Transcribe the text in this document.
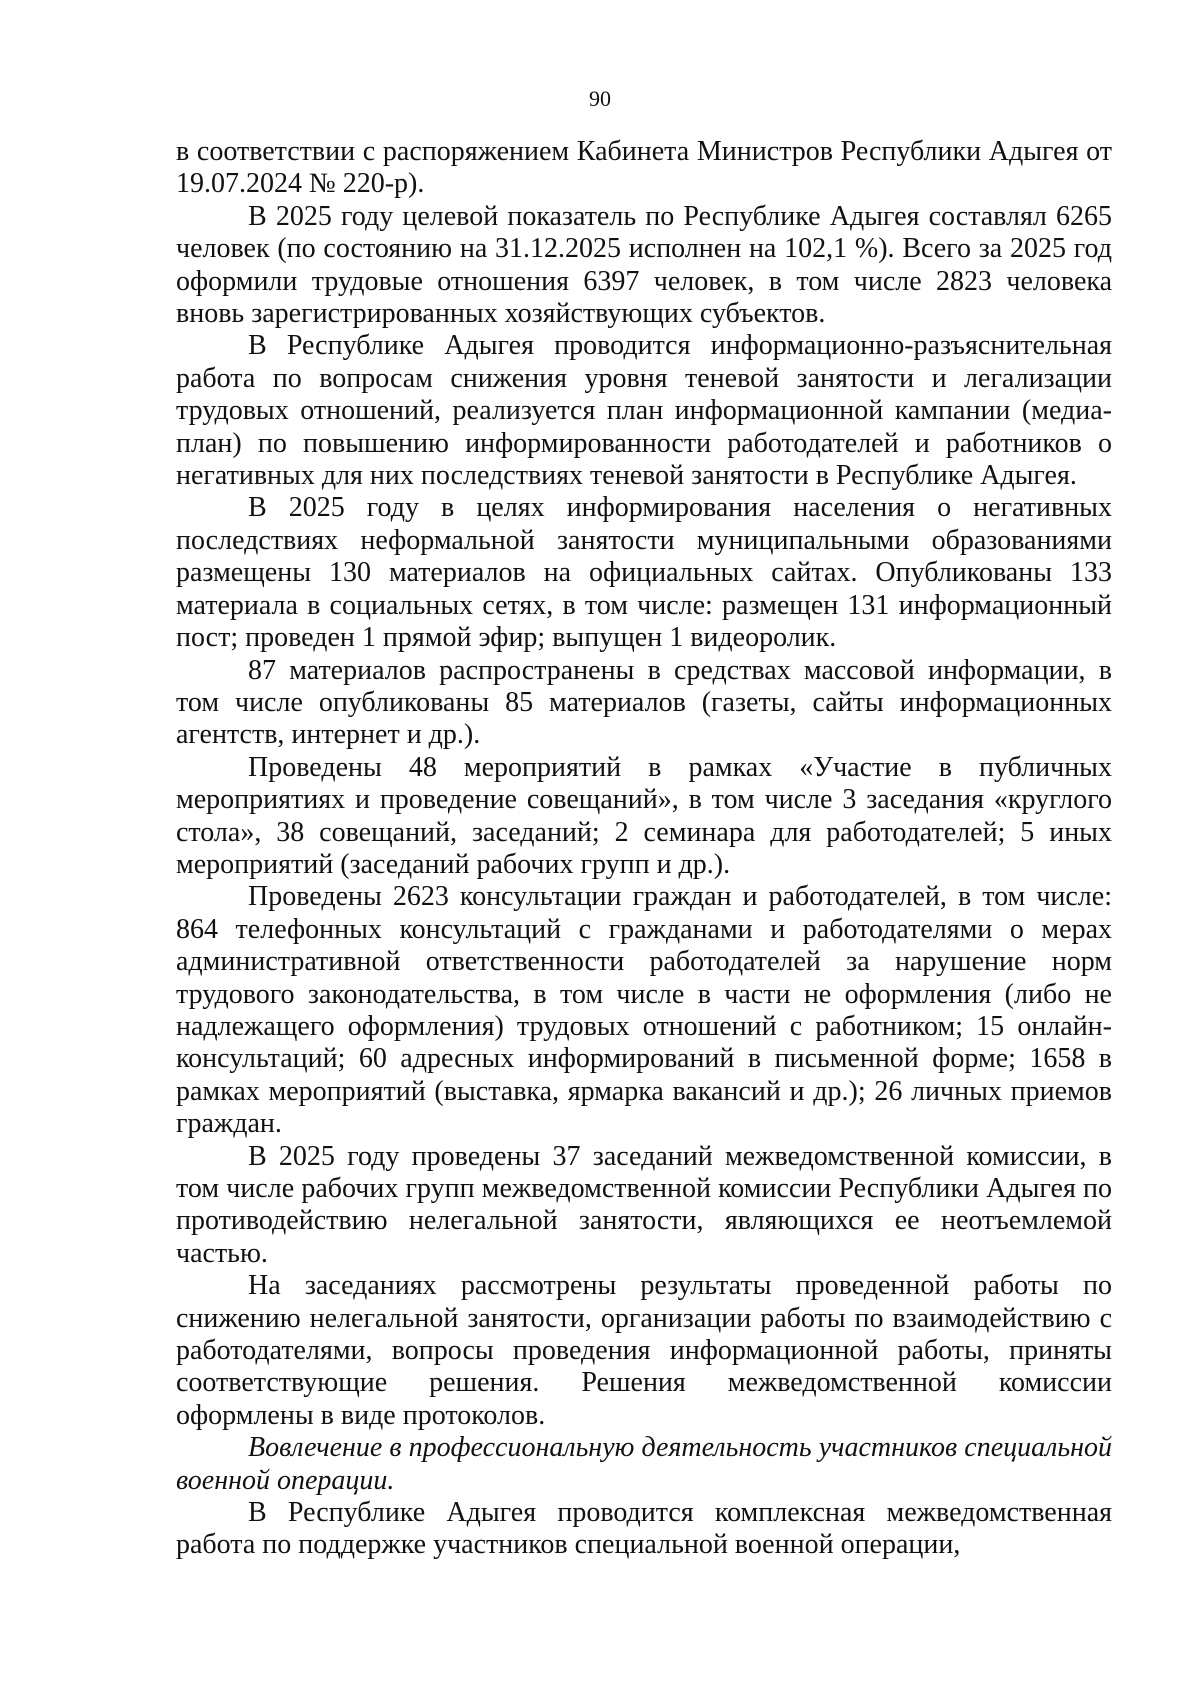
90

в соответствии с распоряжением Кабинета Министров Республики Адыгея от 19.07.2024 № 220-р).

В 2025 году целевой показатель по Республике Адыгея составлял 6265 человек (по состоянию на 31.12.2025 исполнен на 102,1 %). Всего за 2025 год оформили трудовые отношения 6397 человек, в том числе 2823 человека вновь зарегистрированных хозяйствующих субъектов.

В Республике Адыгея проводится информационно-разъяснительная работа по вопросам снижения уровня теневой занятости и легализации трудовых отношений, реализуется план информационной кампании (медиа-план) по повышению информированности работодателей и работников о негативных для них последствиях теневой занятости в Республике Адыгея.

В 2025 году в целях информирования населения о негативных последствиях неформальной занятости муниципальными образованиями размещены 130 материалов на официальных сайтах. Опубликованы 133 материала в социальных сетях, в том числе: размещен 131 информационный пост; проведен 1 прямой эфир; выпущен 1 видеоролик.

87 материалов распространены в средствах массовой информации, в том числе опубликованы 85 материалов (газеты, сайты информационных агентств, интернет и др.).

Проведены 48 мероприятий в рамках «Участие в публичных мероприятиях и проведение совещаний», в том числе 3 заседания «круглого стола», 38 совещаний, заседаний; 2 семинара для работодателей; 5 иных мероприятий (заседаний рабочих групп и др.).

Проведены 2623 консультации граждан и работодателей, в том числе: 864 телефонных консультаций с гражданами и работодателями о мерах административной ответственности работодателей за нарушение норм трудового законодательства, в том числе в части не оформления (либо не надлежащего оформления) трудовых отношений с работником; 15 онлайн-консультаций; 60 адресных информирований в письменной форме; 1658 в рамках мероприятий (выставка, ярмарка вакансий и др.); 26 личных приемов граждан.

В 2025 году проведены 37 заседаний межведомственной комиссии, в том числе рабочих групп межведомственной комиссии Республики Адыгея по противодействию нелегальной занятости, являющихся ее неотъемлемой частью.

На заседаниях рассмотрены результаты проведенной работы по снижению нелегальной занятости, организации работы по взаимодействию с работодателями, вопросы проведения информационной работы, приняты соответствующие решения. Решения межведомственной комиссии оформлены в виде протоколов.

Вовлечение в профессиональную деятельность участников специальной военной операции.

В Республике Адыгея проводится комплексная межведомственная работа по поддержке участников специальной военной операции,
